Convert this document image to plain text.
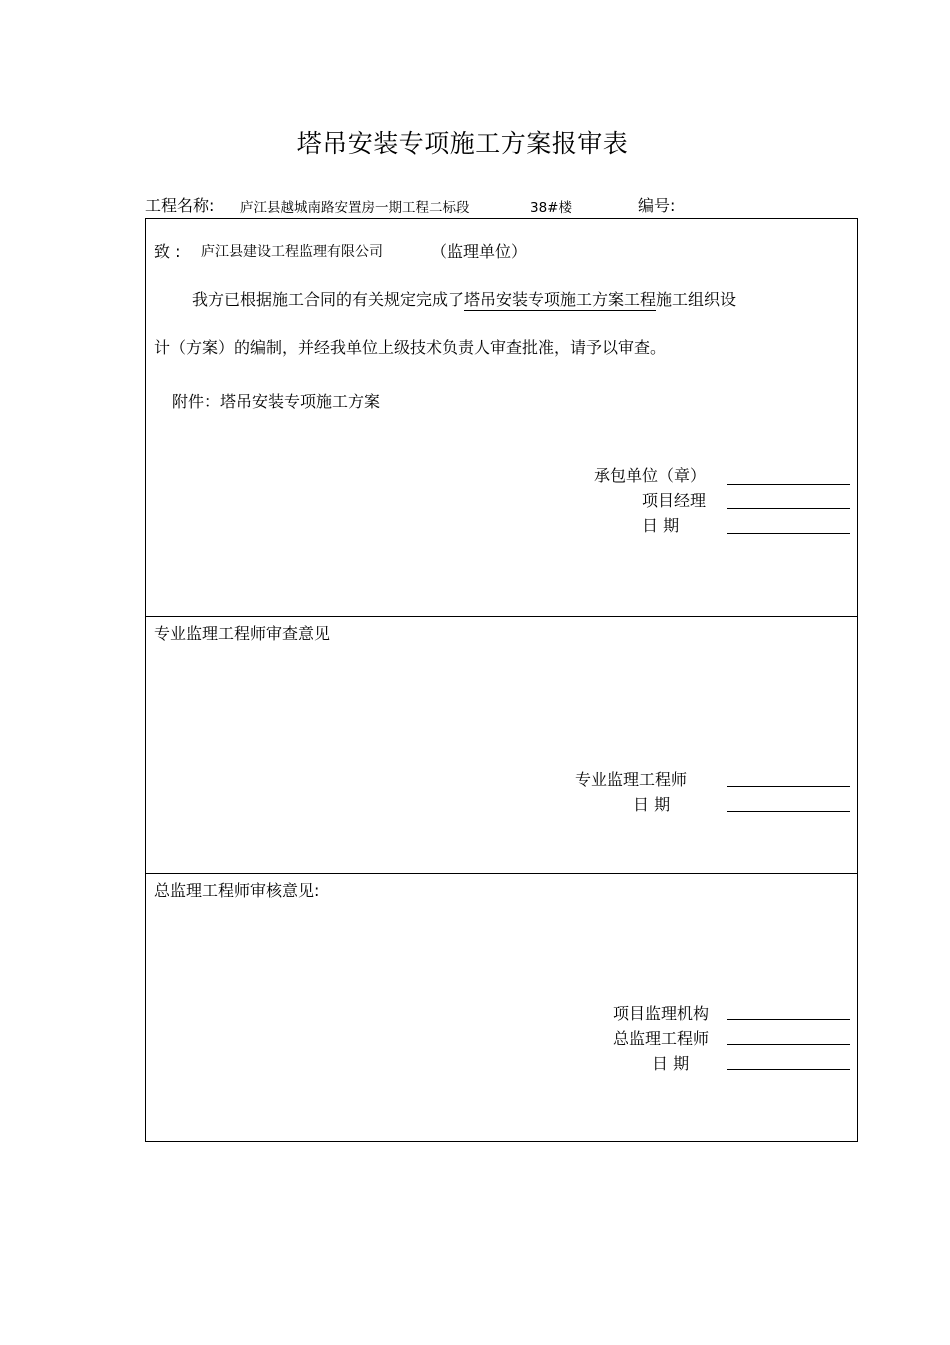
塔吊安装专项施工方案报审表
工程名称: 庐江县越城南路安置房一期工程二标段	38#楼	编号:
致 : 庐江县建设工程监理有限公司	（监理单位）
我方已根据施工合同的有关规定完成了塔吊安装专项施工方案工程施工组织设
计（方案）的编制，并经我单位上级技术负责人审查批准，请予以审查。
附件：塔吊安装专项施工方案
承包单位（章）
项目经理
日 期
专业监理工程师审查意见
专业监理工程师
日 期
总监理工程师审核意见:
项目监理机构
总监理工程师
日 期
